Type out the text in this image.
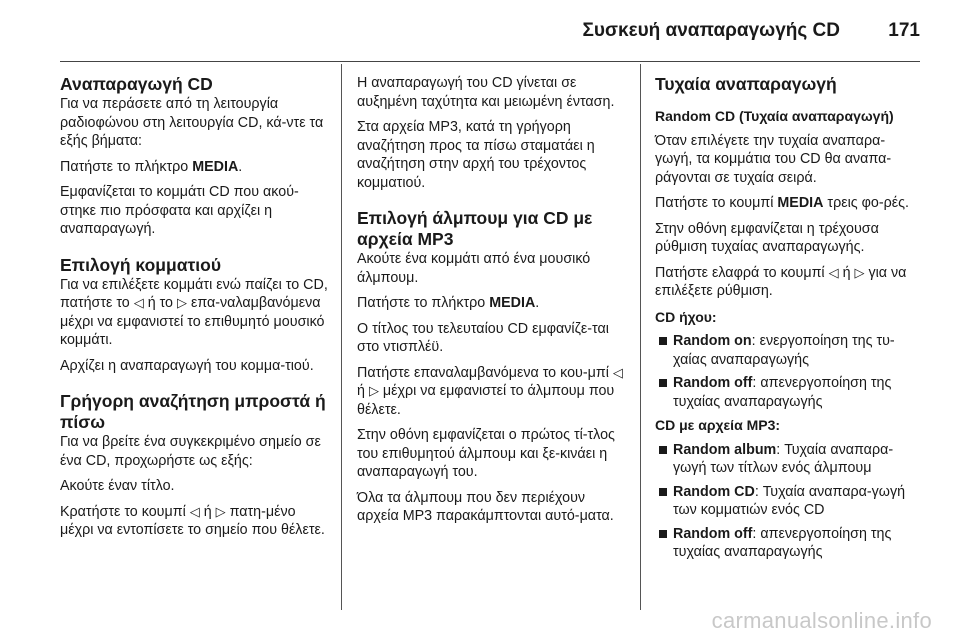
Συσκευή αναπαραγωγής CD	171
Αναπαραγωγή CD

Για να περάσετε από τη λειτουργία ραδιοφώνου στη λειτουργία CD, κά-ντε τα εξής βήματα:

Πατήστε το πλήκτρο MEDIA.

Εμφανίζεται το κομμάτι CD που ακού-στηκε πιο πρόσφατα και αρχίζει η αναπαραγωγή.

Επιλογή κομματιού

Για να επιλέξετε κομμάτι ενώ παίζει το CD, πατήστε το ◁ ή το ▷ επα-ναλαμβανόμενα μέχρι να εμφανιστεί το επιθυμητό μουσικό κομμάτι.

Αρχίζει η αναπαραγωγή του κομμα-τιού.

Γρήγορη αναζήτηση μπροστά ή πίσω

Για να βρείτε ένα συγκεκριμένο σημείο σε ένα CD, προχωρήστε ως εξής:

Ακούτε έναν τίτλο.

Κρατήστε το κουμπί ◁ ή ▷ πατη-μένο μέχρι να εντοπίσετε το σημείο που θέλετε.

Η αναπαραγωγή του CD γίνεται σε αυξημένη ταχύτητα και μειωμένη ένταση.

Στα αρχεία MP3, κατά τη γρήγορη αναζήτηση προς τα πίσω σταματάει η αναζήτηση στην αρχή του τρέχοντος κομματιού.

Επιλογή άλμπουμ για CD με αρχεία MP3

Ακούτε ένα κομμάτι από ένα μουσικό άλμπουμ.

Πατήστε το πλήκτρο MEDIA.

Ο τίτλος του τελευταίου CD εμφανίζε-ται στο ντισπλέϋ.

Πατήστε επαναλαμβανόμενα το κου-μπί ◁ ή ▷ μέχρι να εμφανιστεί το άλμπουμ που θέλετε.

Στην οθόνη εμφανίζεται ο πρώτος τί-τλος του επιθυμητού άλμπουμ και ξε-κινάει η αναπαραγωγή του.

Όλα τα άλμπουμ που δεν περιέχουν αρχεία MP3 παρακάμπτονται αυτό-ματα.

Τυχαία αναπαραγωγή
Random CD (Τυχαία αναπαραγωγή)

Όταν επιλέγετε την τυχαία αναπαρα-γωγή, τα κομμάτια του CD θα αναπα-ράγονται σε τυχαία σειρά.

Πατήστε το κουμπί MEDIA τρεις φο-ρές.

Στην οθόνη εμφανίζεται η τρέχουσα ρύθμιση τυχαίας αναπαραγωγής.

Πατήστε ελαφρά το κουμπί ◁ ή ▷ για να επιλέξετε ρύθμιση.

CD ήχου:
Random on: ενεργοποίηση της τυ-χαίας αναπαραγωγής
Random off: απενεργοποίηση της τυχαίας αναπαραγωγής
CD με αρχεία MP3:
Random album: Τυχαία αναπαρα-γωγή των τίτλων ενός άλμπουμ
Random CD: Τυχαία αναπαρα-γωγή των κομματιών ενός CD
Random off: απενεργοποίηση της τυχαίας αναπαραγωγής
carmanualsonline.info
